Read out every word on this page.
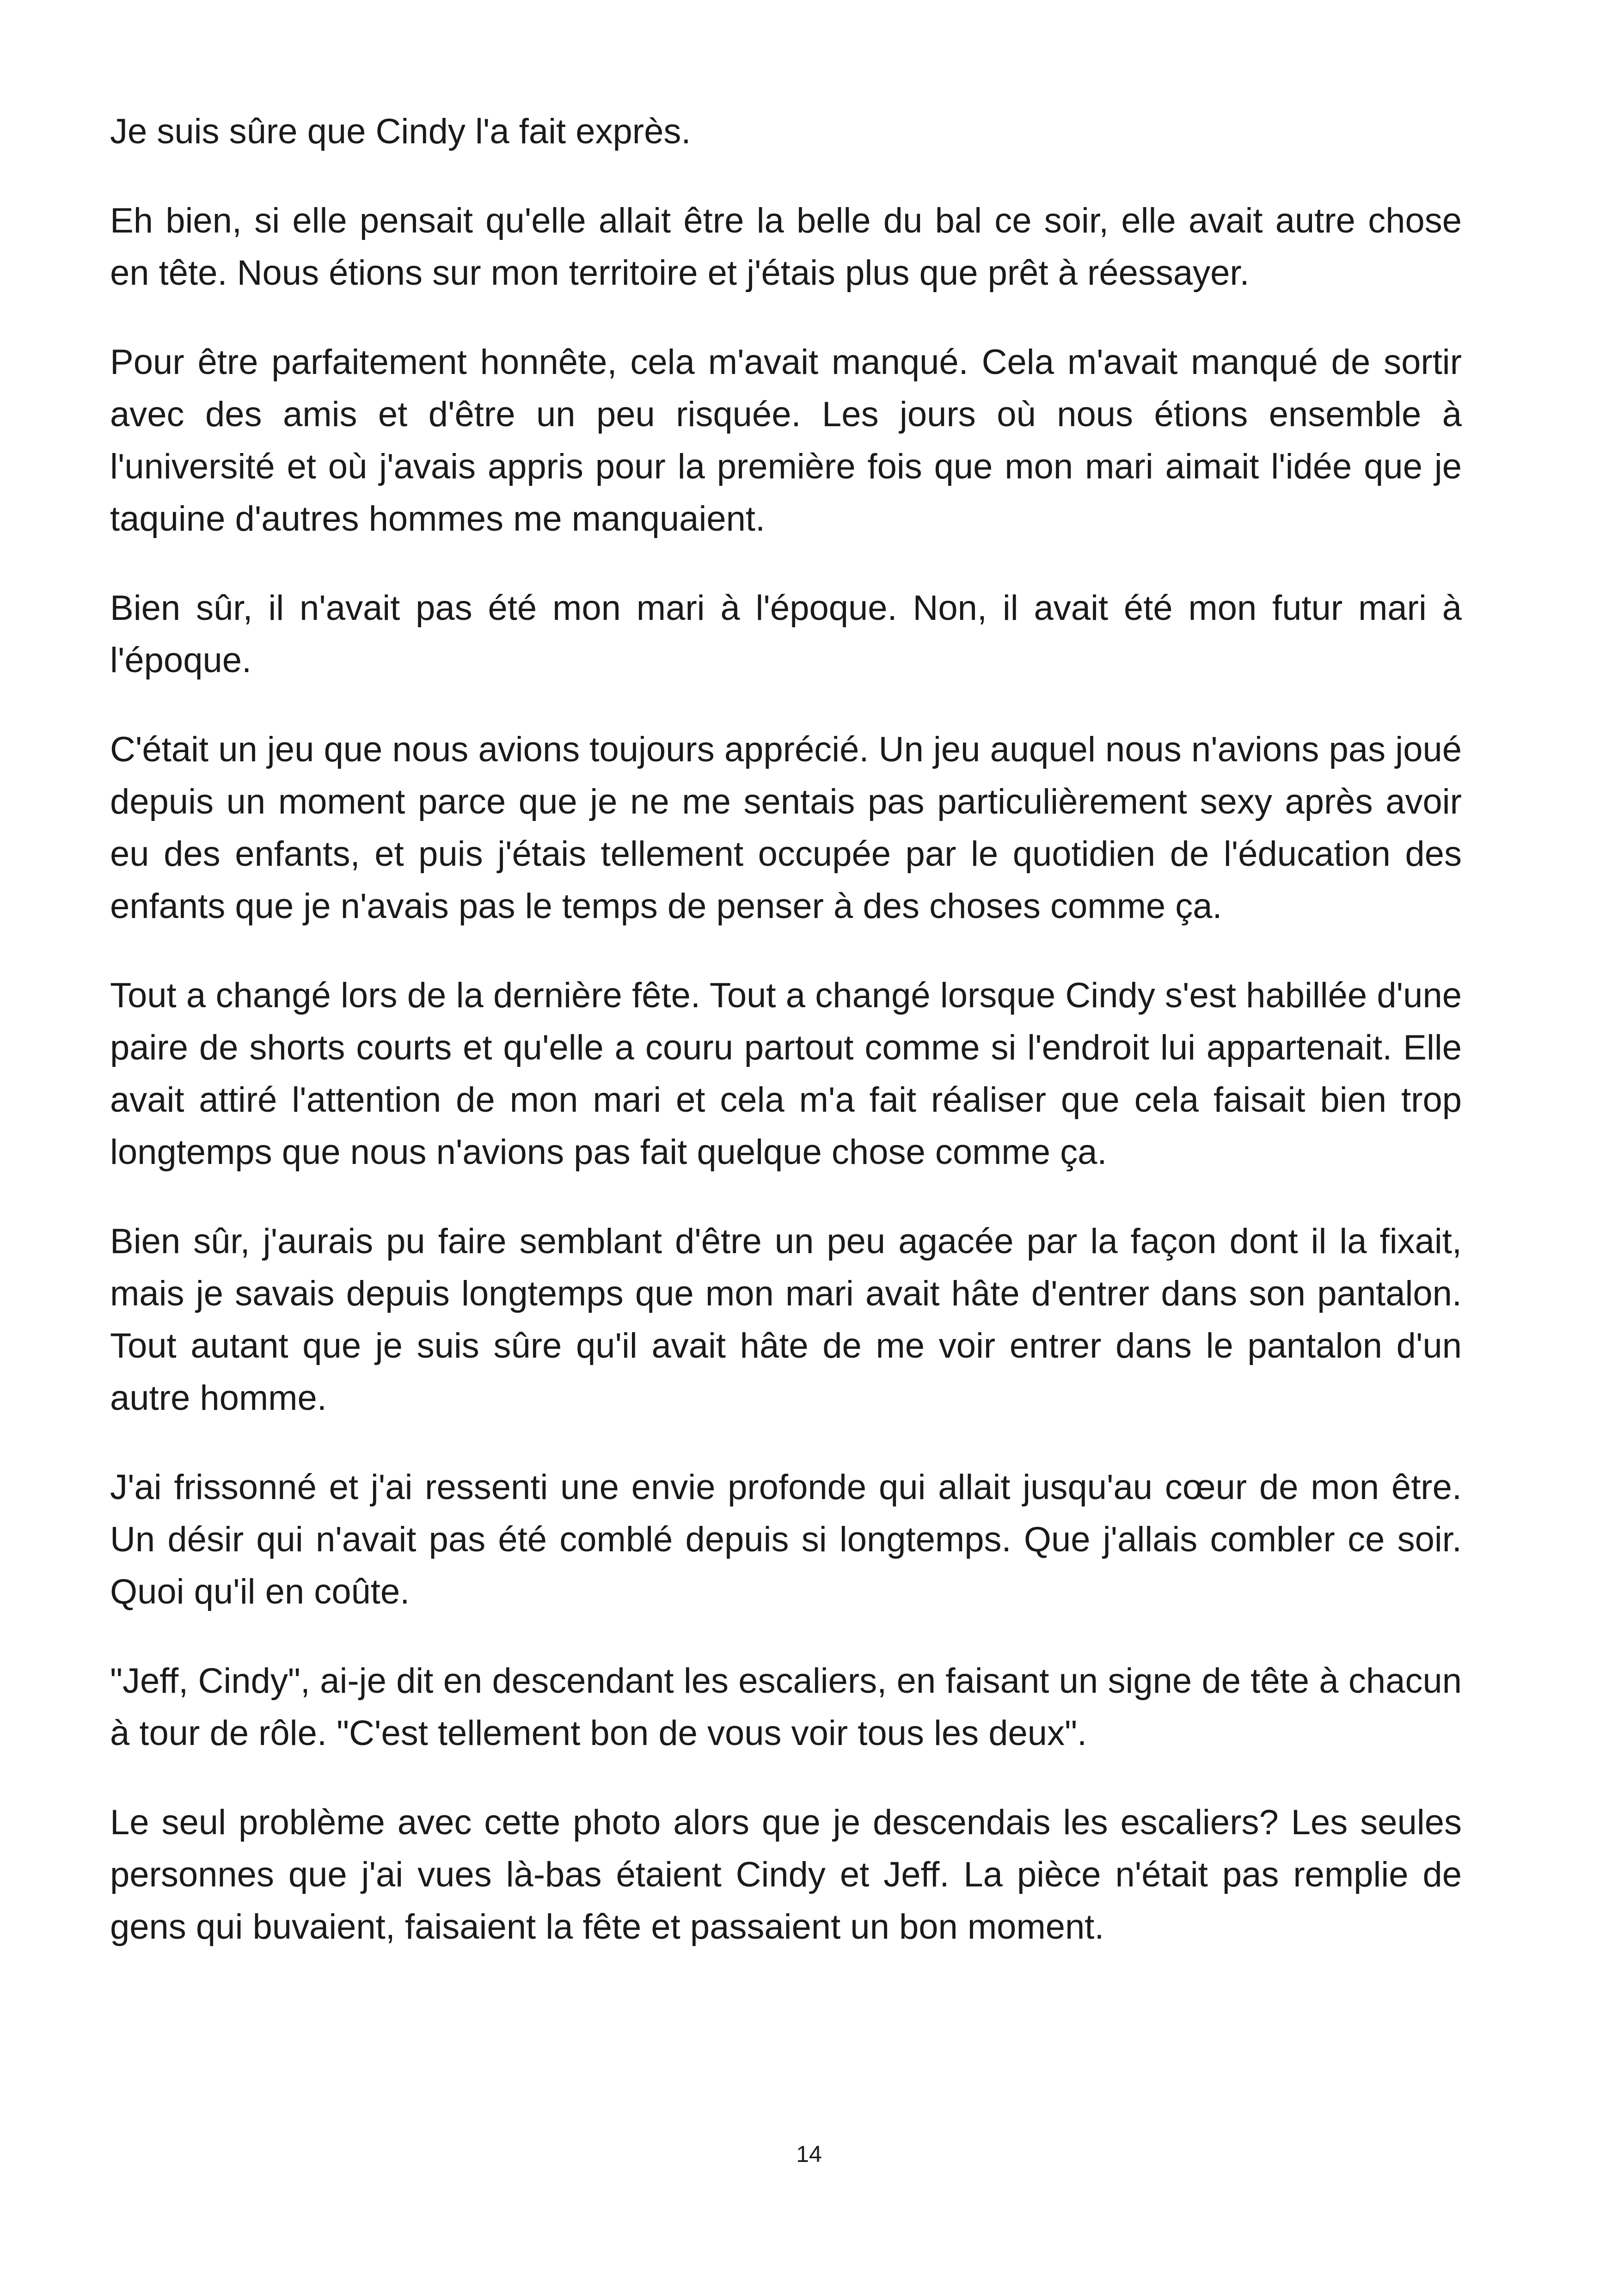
Je suis sûre que Cindy l'a fait exprès.

Eh bien, si elle pensait qu'elle allait être la belle du bal ce soir, elle avait autre chose en tête. Nous étions sur mon territoire et j'étais plus que prêt à réessayer.

Pour être parfaitement honnête, cela m'avait manqué. Cela m'avait manqué de sortir avec des amis et d'être un peu risquée. Les jours où nous étions ensemble à l'université et où j'avais appris pour la première fois que mon mari aimait l'idée que je taquine d'autres hommes me manquaient.

Bien sûr, il n'avait pas été mon mari à l'époque. Non, il avait été mon futur mari à l'époque.

C'était un jeu que nous avions toujours apprécié. Un jeu auquel nous n'avions pas joué depuis un moment parce que je ne me sentais pas particulièrement sexy après avoir eu des enfants, et puis j'étais tellement occupée par le quotidien de l'éducation des enfants que je n'avais pas le temps de penser à des choses comme ça.

Tout a changé lors de la dernière fête. Tout a changé lorsque Cindy s'est habillée d'une paire de shorts courts et qu'elle a couru partout comme si l'endroit lui appartenait. Elle avait attiré l'attention de mon mari et cela m'a fait réaliser que cela faisait bien trop longtemps que nous n'avions pas fait quelque chose comme ça.

Bien sûr, j'aurais pu faire semblant d'être un peu agacée par la façon dont il la fixait, mais je savais depuis longtemps que mon mari avait hâte d'entrer dans son pantalon. Tout autant que je suis sûre qu'il avait hâte de me voir entrer dans le pantalon d'un autre homme.

J'ai frissonné et j'ai ressenti une envie profonde qui allait jusqu'au cœur de mon être. Un désir qui n'avait pas été comblé depuis si longtemps. Que j'allais combler ce soir. Quoi qu'il en coûte.

"Jeff, Cindy", ai-je dit en descendant les escaliers, en faisant un signe de tête à chacun à tour de rôle. "C'est tellement bon de vous voir tous les deux".

Le seul problème avec cette photo alors que je descendais les escaliers? Les seules personnes que j'ai vues là-bas étaient Cindy et Jeff. La pièce n'était pas remplie de gens qui buvaient, faisaient la fête et passaient un bon moment.

14
